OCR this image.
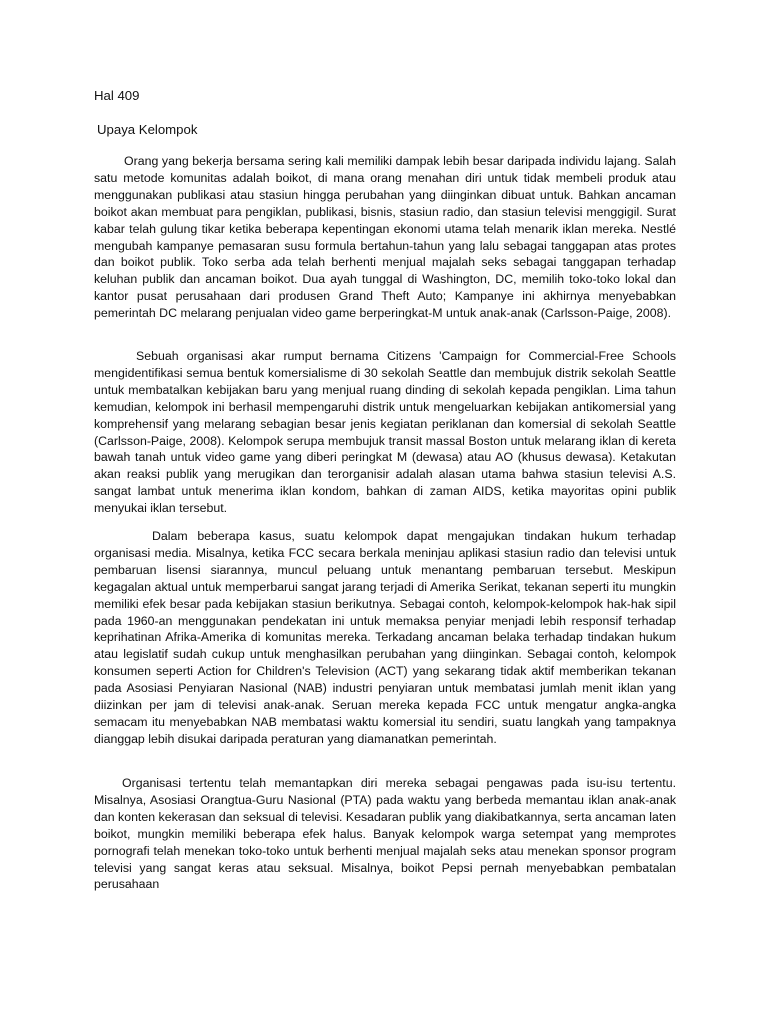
Hal 409
Upaya Kelompok

Orang yang bekerja bersama sering kali memiliki dampak lebih besar daripada individu lajang. Salah satu metode komunitas adalah boikot, di mana orang menahan diri untuk tidak membeli produk atau menggunakan publikasi atau stasiun hingga perubahan yang diinginkan dibuat untuk. Bahkan ancaman boikot akan membuat para pengiklan, publikasi, bisnis, stasiun radio, dan stasiun televisi menggigil. Surat kabar telah gulung tikar ketika beberapa kepentingan ekonomi utama telah menarik iklan mereka. Nestlé mengubah kampanye pemasaran susu formula bertahun-tahun yang lalu sebagai tanggapan atas protes dan boikot publik. Toko serba ada telah berhenti menjual majalah seks sebagai tanggapan terhadap keluhan publik dan ancaman boikot. Dua ayah tunggal di Washington, DC, memilih toko-toko lokal dan kantor pusat perusahaan dari produsen Grand Theft Auto; Kampanye ini akhirnya menyebabkan pemerintah DC melarang penjualan video game berperingkat-M untuk anak-anak (Carlsson-Paige, 2008).

Sebuah organisasi akar rumput bernama Citizens 'Campaign for Commercial-Free Schools mengidentifikasi semua bentuk komersialisme di 30 sekolah Seattle dan membujuk distrik sekolah Seattle untuk membatalkan kebijakan baru yang menjual ruang dinding di sekolah kepada pengiklan. Lima tahun kemudian, kelompok ini berhasil mempengaruhi distrik untuk mengeluarkan kebijakan antikomersial yang komprehensif yang melarang sebagian besar jenis kegiatan periklanan dan komersial di sekolah Seattle (Carlsson-Paige, 2008). Kelompok serupa membujuk transit massal Boston untuk melarang iklan di kereta bawah tanah untuk video game yang diberi peringkat M (dewasa) atau AO (khusus dewasa). Ketakutan akan reaksi publik yang merugikan dan terorganisir adalah alasan utama bahwa stasiun televisi A.S. sangat lambat untuk menerima iklan kondom, bahkan di zaman AIDS, ketika mayoritas opini publik menyukai iklan tersebut.

Dalam beberapa kasus, suatu kelompok dapat mengajukan tindakan hukum terhadap organisasi media. Misalnya, ketika FCC secara berkala meninjau aplikasi stasiun radio dan televisi untuk pembaruan lisensi siarannya, muncul peluang untuk menantang pembaruan tersebut. Meskipun kegagalan aktual untuk memperbarui sangat jarang terjadi di Amerika Serikat, tekanan seperti itu mungkin memiliki efek besar pada kebijakan stasiun berikutnya. Sebagai contoh, kelompok-kelompok hak-hak sipil pada 1960-an menggunakan pendekatan ini untuk memaksa penyiar menjadi lebih responsif terhadap keprihatinan Afrika-Amerika di komunitas mereka. Terkadang ancaman belaka terhadap tindakan hukum atau legislatif sudah cukup untuk menghasilkan perubahan yang diinginkan. Sebagai contoh, kelompok konsumen seperti Action for Children's Television (ACT) yang sekarang tidak aktif memberikan tekanan pada Asosiasi Penyiaran Nasional (NAB) industri penyiaran untuk membatasi jumlah menit iklan yang diizinkan per jam di televisi anak-anak. Seruan mereka kepada FCC untuk mengatur angka-angka semacam itu menyebabkan NAB membatasi waktu komersial itu sendiri, suatu langkah yang tampaknya dianggap lebih disukai daripada peraturan yang diamanatkan pemerintah.

Organisasi tertentu telah memantapkan diri mereka sebagai pengawas pada isu-isu tertentu. Misalnya, Asosiasi Orangtua-Guru Nasional (PTA) pada waktu yang berbeda memantau iklan anak-anak dan konten kekerasan dan seksual di televisi. Kesadaran publik yang diakibatkannya, serta ancaman laten boikot, mungkin memiliki beberapa efek halus. Banyak kelompok warga setempat yang memprotes pornografi telah menekan toko-toko untuk berhenti menjual majalah seks atau menekan sponsor program televisi yang sangat keras atau seksual. Misalnya, boikot Pepsi pernah menyebabkan pembatalan perusahaan
